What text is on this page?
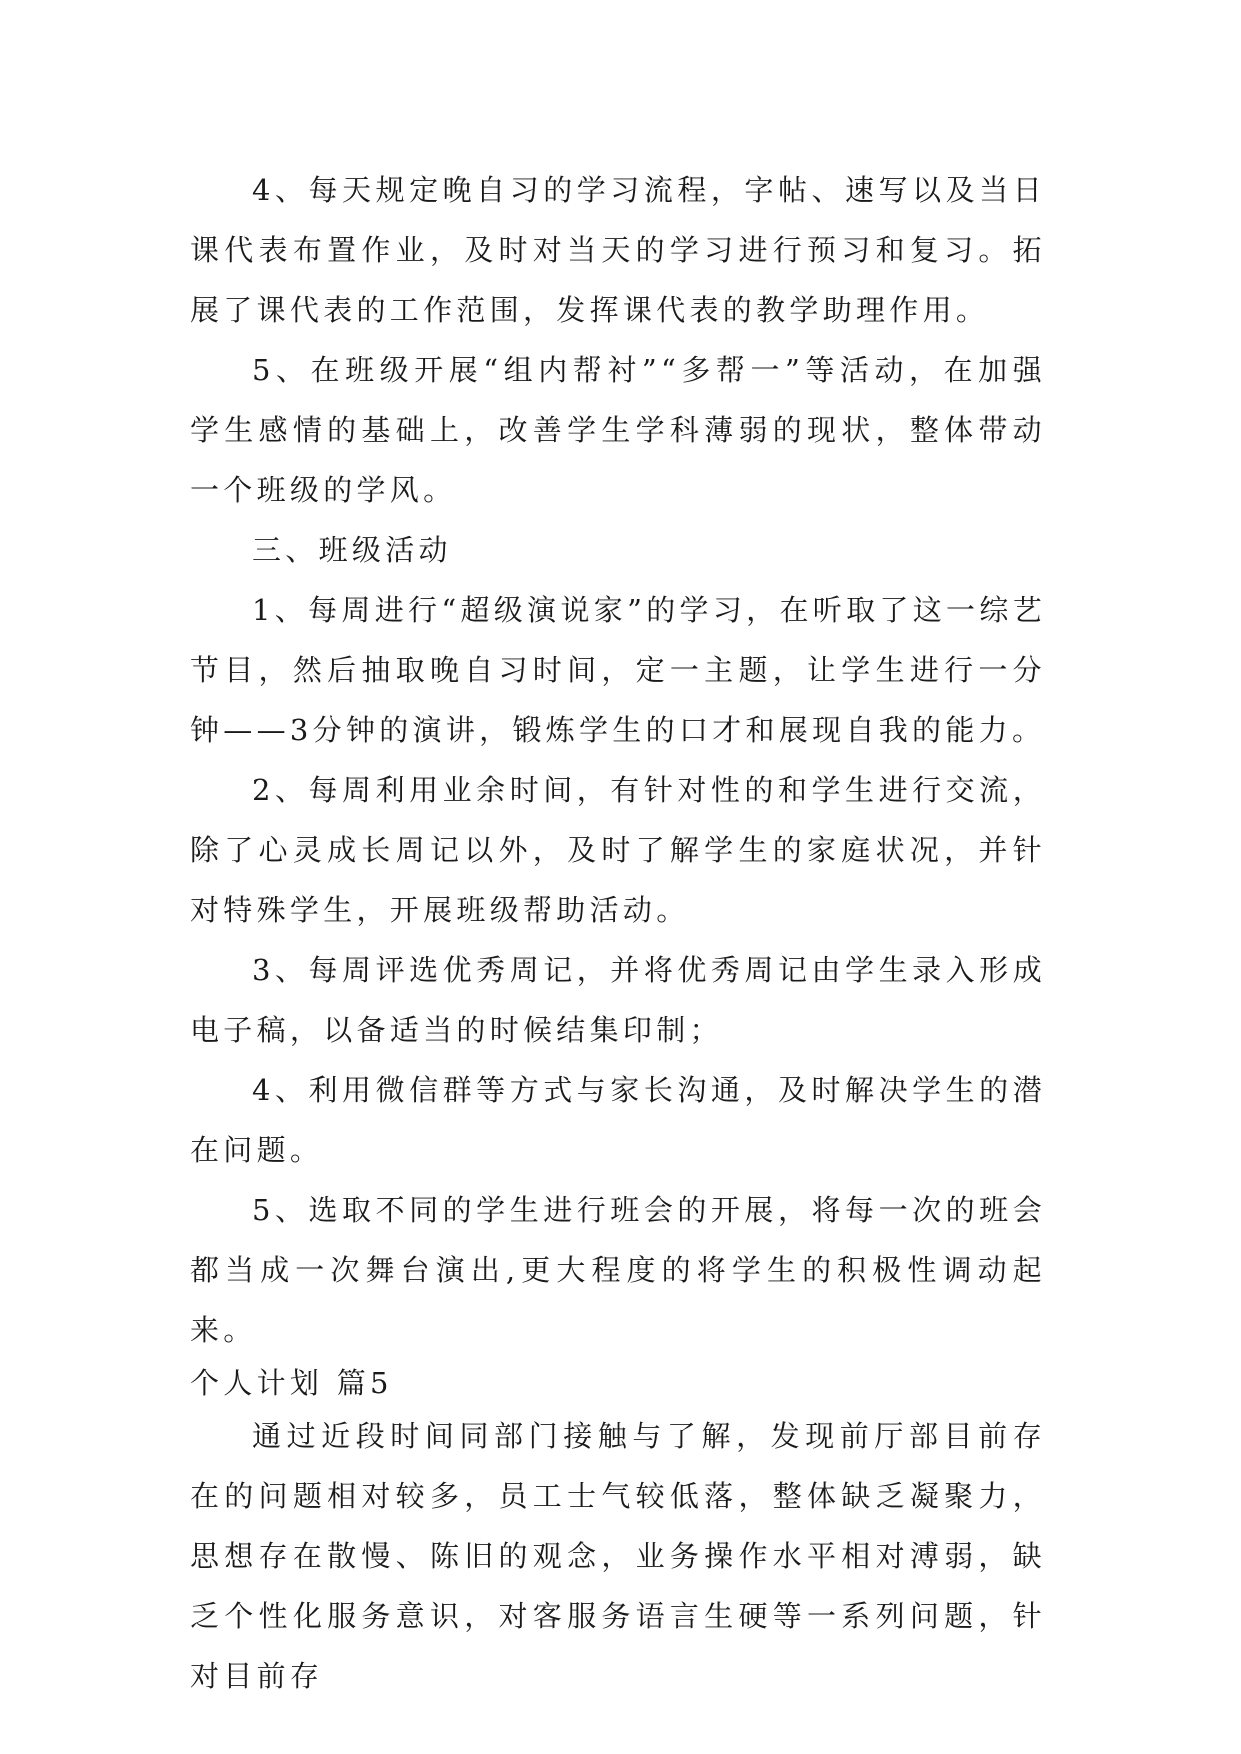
4、每天规定晚自习的学习流程，字帖、速写以及当日课代表布置作业，及时对当天的学习进行预习和复习。拓展了课代表的工作范围，发挥课代表的教学助理作用。

5、在班级开展“组内帮衬”“多帮一”等活动，在加强学生感情的基础上，改善学生学科薄弱的现状，整体带动一个班级的学风。

三、班级活动

1、每周进行“超级演说家”的学习，在听取了这一综艺节目，然后抽取晚自习时间，定一主题，让学生进行一分钟——3分钟的演讲，锻炼学生的口才和展现自我的能力。

2、每周利用业余时间，有针对性的和学生进行交流，除了心灵成长周记以外，及时了解学生的家庭状况，并针对特殊学生，开展班级帮助活动。

3、每周评选优秀周记，并将优秀周记由学生录入形成电子稿，以备适当的时候结集印制；

4、利用微信群等方式与家长沟通，及时解决学生的潜在问题。

5、选取不同的学生进行班会的开展，将每一次的班会都当成一次舞台演出,更大程度的将学生的积极性调动起来。

个人计划 篇5

通过近段时间同部门接触与了解，发现前厅部目前存在的问题相对较多，员工士气较低落，整体缺乏凝聚力，思想存在散慢、陈旧的观念，业务操作水平相对溥弱，缺乏个性化服务意识，对客服务语言生硬等一系列问题，针对目前存
